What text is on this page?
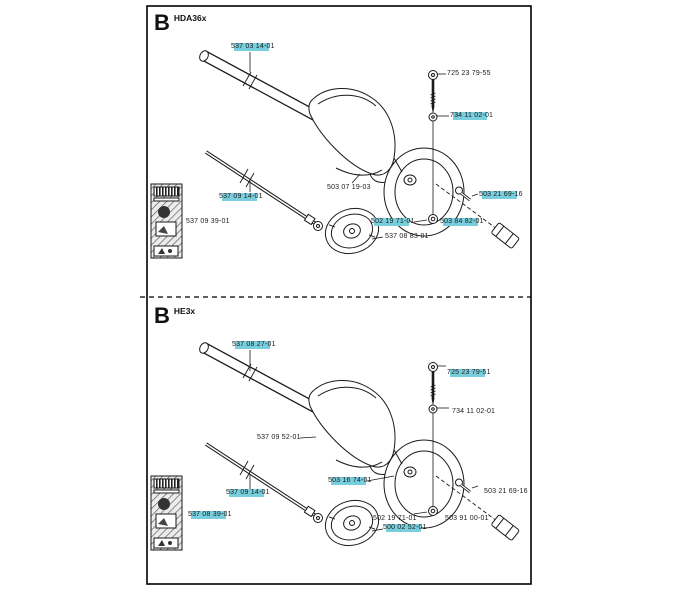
B $^{HDA36x}$
B $^{HE3x}$
537 03 14-01
725 23 79-55
734 11 02-01
503 07 19-03
537 09 14-01
537 09 39-01	502 19 71-01	503 84 82-01
503 21 69-16
537 08 83-01
537 08 27-01
725 23 79-51
734 11 02-01
537 09 52-01
503 16 74-01
537 09 14-01
537 08 39-01
502 19 71-01	503 91 00-01
503 21 69-16
500 02 52-01
